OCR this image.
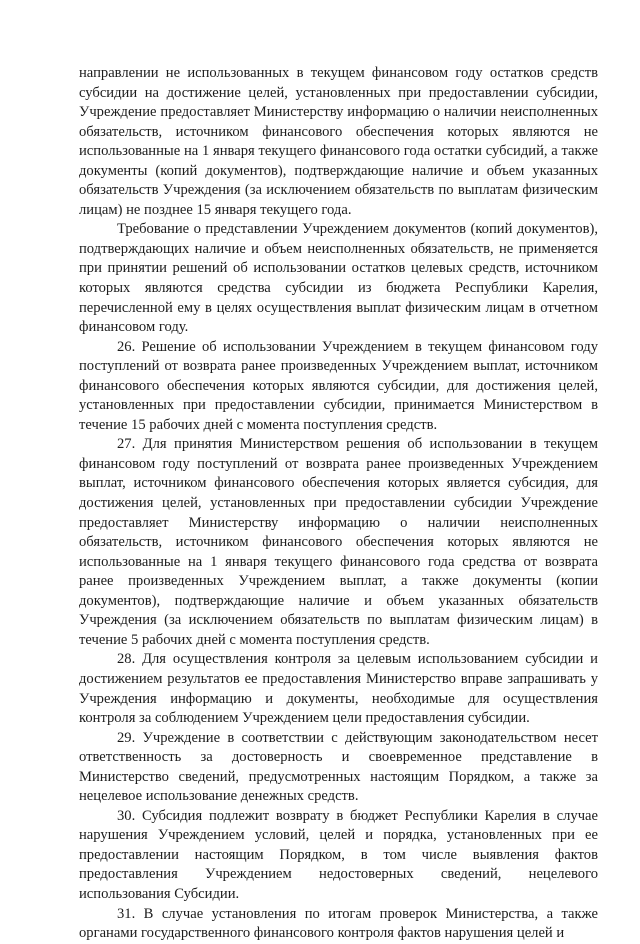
направлении не использованных в текущем финансовом году остатков средств субсидии на достижение целей, установленных при предоставлении субсидии, Учреждение предоставляет Министерству информацию о наличии неисполненных обязательств, источником финансового обеспечения которых являются не использованные на 1 января текущего финансового года остатки субсидий, а также документы (копий документов), подтверждающие наличие и объем указанных обязательств Учреждения (за исключением обязательств по выплатам физическим лицам) не позднее 15 января текущего года.

Требование о представлении Учреждением документов (копий документов), подтверждающих наличие и объем неисполненных обязательств, не применяется при принятии решений об использовании остатков целевых средств, источником которых являются средства субсидии из бюджета Республики Карелия, перечисленной ему в целях осуществления выплат физическим лицам в отчетном финансовом году.

26. Решение об использовании Учреждением в текущем финансовом году поступлений от возврата ранее произведенных Учреждением выплат, источником финансового обеспечения которых являются субсидии, для достижения целей, установленных при предоставлении субсидии, принимается Министерством в течение 15 рабочих дней с момента поступления средств.

27. Для принятия Министерством решения об использовании в текущем финансовом году поступлений от возврата ранее произведенных Учреждением выплат, источником финансового обеспечения которых является субсидия, для достижения целей, установленных при предоставлении субсидии Учреждение предоставляет Министерству информацию о наличии неисполненных обязательств, источником финансового обеспечения которых являются не использованные на 1 января текущего финансового года средства от возврата ранее произведенных Учреждением выплат, а также документы (копии документов), подтверждающие наличие и объем указанных обязательств Учреждения (за исключением обязательств по выплатам физическим лицам) в течение 5 рабочих дней с момента поступления средств.

28. Для осуществления контроля за целевым использованием субсидии и достижением результатов ее предоставления Министерство вправе запрашивать у Учреждения информацию и документы, необходимые для осуществления контроля за соблюдением Учреждением цели предоставления субсидии.

29. Учреждение в соответствии с действующим законодательством несет ответственность за достоверность и своевременное представление в Министерство сведений, предусмотренных настоящим Порядком, а также за нецелевое использование денежных средств.

30. Субсидия подлежит возврату в бюджет Республики Карелия в случае нарушения Учреждением условий, целей и порядка, установленных при ее предоставлении настоящим Порядком, в том числе выявления фактов предоставления Учреждением недостоверных сведений, нецелевого использования Субсидии.

31. В случае установления по итогам проверок Министерства, а также органами государственного финансового контроля фактов нарушения целей и
